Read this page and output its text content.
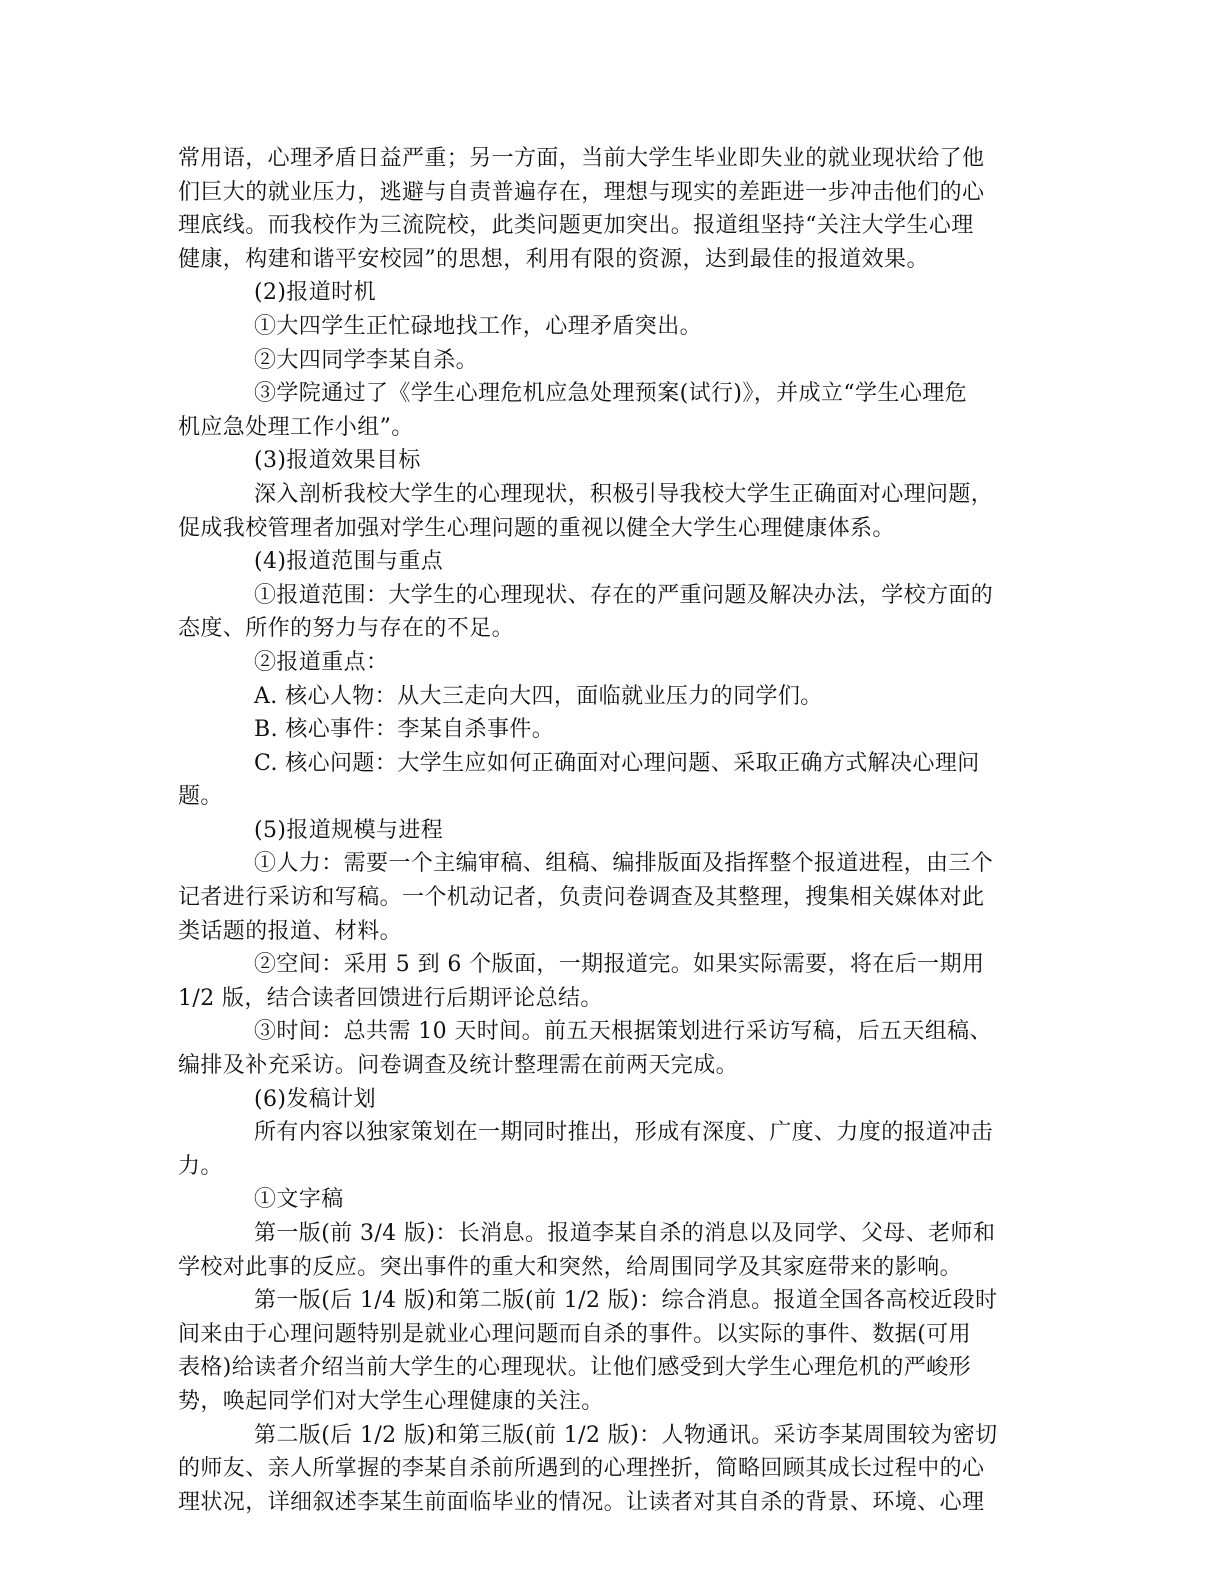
常用语，心理矛盾日益严重；另一方面，当前大学生毕业即失业的就业现状给了他
们巨大的就业压力，逃避与自责普遍存在，理想与现实的差距进一步冲击他们的心
理底线。而我校作为三流院校，此类问题更加突出。报道组坚持“关注大学生心理
健康，构建和谐平安校园”的思想，利用有限的资源，达到最佳的报道效果。
(2)报道时机
①大四学生正忙碌地找工作，心理矛盾突出。
②大四同学李某自杀。
③学院通过了《学生心理危机应急处理预案(试行)》，并成立“学生心理危
机应急处理工作小组”。
(3)报道效果目标
深入剖析我校大学生的心理现状，积极引导我校大学生正确面对心理问题，
促成我校管理者加强对学生心理问题的重视以健全大学生心理健康体系。
(4)报道范围与重点
①报道范围：大学生的心理现状、存在的严重问题及解决办法，学校方面的
态度、所作的努力与存在的不足。
②报道重点：
A. 核心人物：从大三走向大四，面临就业压力的同学们。
B. 核心事件：李某自杀事件。
C. 核心问题：大学生应如何正确面对心理问题、采取正确方式解决心理问
题。
(5)报道规模与进程
①人力：需要一个主编审稿、组稿、编排版面及指挥整个报道进程，由三个
记者进行采访和写稿。一个机动记者，负责问卷调查及其整理，搜集相关媒体对此
类话题的报道、材料。
②空间：采用 5 到 6 个版面，一期报道完。如果实际需要，将在后一期用
1/2 版，结合读者回馈进行后期评论总结。
③时间：总共需 10 天时间。前五天根据策划进行采访写稿，后五天组稿、
编排及补充采访。问卷调查及统计整理需在前两天完成。
(6)发稿计划
所有内容以独家策划在一期同时推出，形成有深度、广度、力度的报道冲击
力。
①文字稿
第一版(前 3/4 版)：长消息。报道李某自杀的消息以及同学、父母、老师和
学校对此事的反应。突出事件的重大和突然，给周围同学及其家庭带来的影响。
第一版(后 1/4 版)和第二版(前 1/2 版)：综合消息。报道全国各高校近段时
间来由于心理问题特别是就业心理问题而自杀的事件。以实际的事件、数据(可用
表格)给读者介绍当前大学生的心理现状。让他们感受到大学生心理危机的严峻形
势，唤起同学们对大学生心理健康的关注。
第二版(后 1/2 版)和第三版(前 1/2 版)：人物通讯。采访李某周围较为密切
的师友、亲人所掌握的李某自杀前所遇到的心理挫折，简略回顾其成长过程中的心
理状况，详细叙述李某生前面临毕业的情况。让读者对其自杀的背景、环境、心理
